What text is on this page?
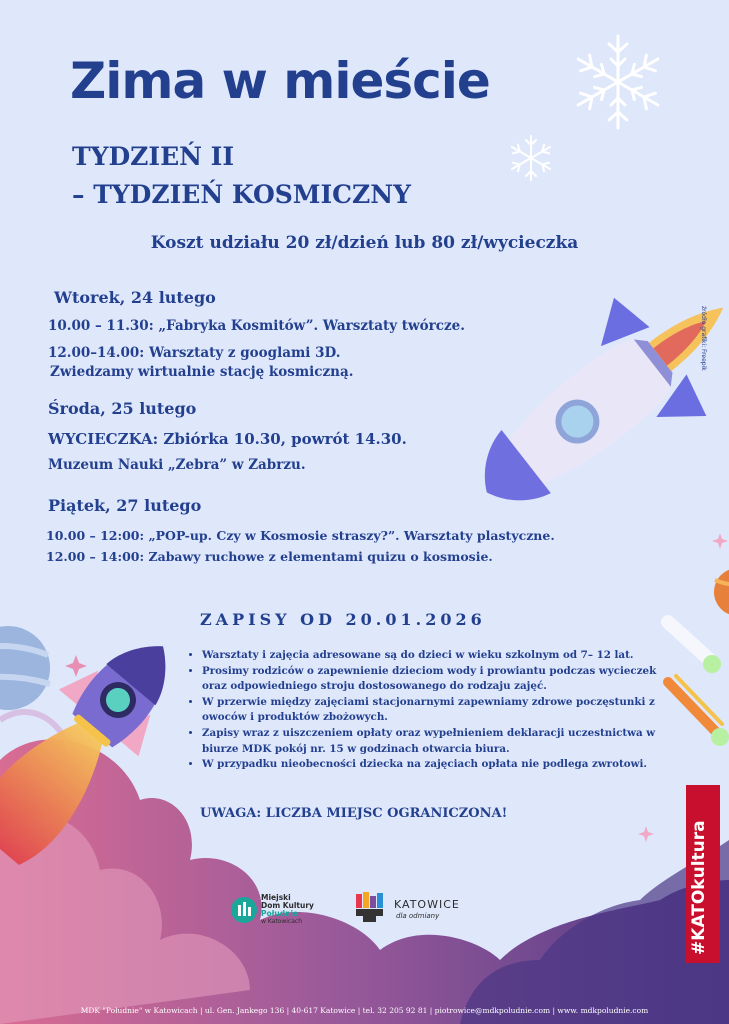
Zima w mieście
TYDZIEŃ II
– TYDZIEŃ KOSMICZNY
Koszt udziału 20 zł/dzień lub 80 zł/wycieczka
źródło grafiki: Freepik
Wtorek, 24 lutego
10.00 – 11.30: „Fabryka Kosmitów”. Warsztaty twórcze.
12.00–14.00: Warsztaty z googlami 3D.
Zwiedzamy wirtualnie stację kosmiczną.
Środa, 25 lutego
WYCIECZKA: Zbiórka 10.30, powrót 14.30.
Muzeum Nauki „Zebra” w Zabrzu.
Piątek, 27 lutego
10.00 – 12:00: „POP-up. Czy w Kosmosie straszy?”. Warsztaty plastyczne.
12.00 – 14:00: Zabawy ruchowe z elementami quizu o kosmosie.
ZAPISY OD 20.01.2026
• Warsztaty i zajęcia adresowane są do dzieci w wieku szkolnym od 7– 12 lat.
• Prosimy rodziców o zapewnienie dzieciom wody i prowiantu podczas wycieczek oraz odpowiedniego stroju dostosowanego do rodzaju zajęć.
• W przerwie między zajęciami stacjonarnymi zapewniamy zdrowe poczęstunki z owoców i produktów zbożowych.
• Zapisy wraz z uiszczeniem opłaty oraz wypełnieniem deklaracji uczestnictwa w biurze MDK pokój nr. 15 w godzinach otwarcia biura.
• W przypadku nieobecności dziecka na zajęciach opłata nie podlega zwrotowi.
UWAGA: LICZBA MIEJSC OGRANICZONA!
Miejski
Dom Kultury
Południe
w Katowicach
KATOWICE
dla odmiany	#KATOkultura
MDK "Południe" w Katowicach | ul. Gen. Jankego 136 | 40-617 Katowice | tel. 32 205 92 81 | piotrowice@mdkpoludnie.com | www. mdkpoludnie.com
